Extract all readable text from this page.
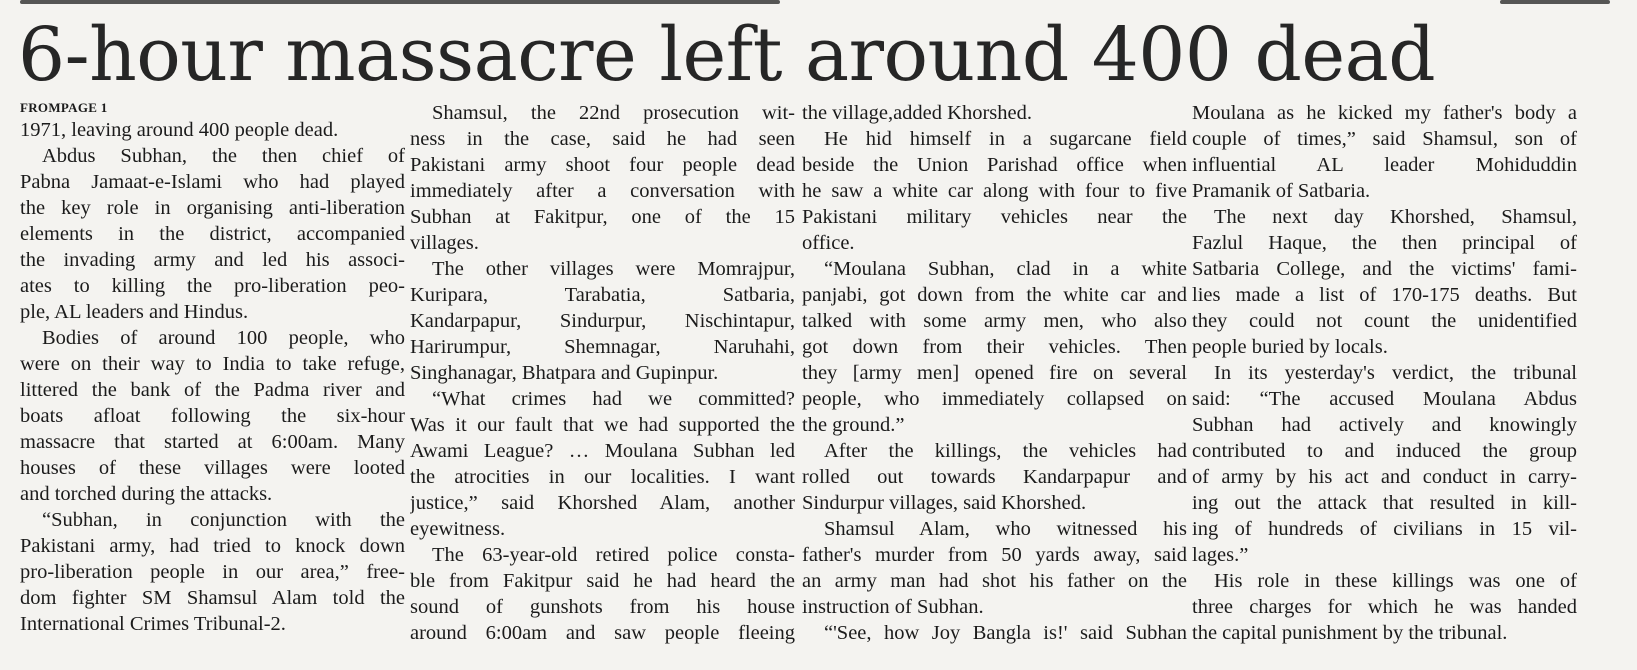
6-hour massacre left around 400 dead
FROMPAGE 1
1971, leaving around 400 people dead.
Abdus Subhan, the then chief of
Pabna Jamaat-e-Islami who had played
the key role in organising anti-liberation
elements in the district, accompanied
the invading army and led his associ-
ates to killing the pro-liberation peo-
ple, AL leaders and Hindus.
Bodies of around 100 people, who
were on their way to India to take refuge,
littered the bank of the Padma river and
boats afloat following the six-hour
massacre that started at 6:00am. Many
houses of these villages were looted
and torched during the attacks.
“Subhan, in conjunction with the
Pakistani army, had tried to knock down
pro-liberation people in our area,” free-
dom fighter SM Shamsul Alam told the
International Crimes Tribunal-2.
Shamsul, the 22nd prosecution wit-
ness in the case, said he had seen
Pakistani army shoot four people dead
immediately after a conversation with
Subhan at Fakitpur, one of the 15
villages.
The other villages were Momrajpur,
Kuripara, Tarabatia, Satbaria,
Kandarpapur, Sindurpur, Nischintapur,
Harirumpur, Shemnagar, Naruhahi,
Singhanagar, Bhatpara and Gupinpur.
“What crimes had we committed?
Was it our fault that we had supported the
Awami League? … Moulana Subhan led
the atrocities in our localities. I want
justice,” said Khorshed Alam, another
eyewitness.
The 63-year-old retired police consta-
ble from Fakitpur said he had heard the
sound of gunshots from his house
around 6:00am and saw people fleeing
the village,added Khorshed.
He hid himself in a sugarcane field
beside the Union Parishad office when
he saw a white car along with four to five
Pakistani military vehicles near the
office.
“Moulana Subhan, clad in a white
panjabi, got down from the white car and
talked with some army men, who also
got down from their vehicles. Then
they [army men] opened fire on several
people, who immediately collapsed on
the ground.”
After the killings, the vehicles had
rolled out towards Kandarpapur and
Sindurpur villages, said Khorshed.
Shamsul Alam, who witnessed his
father's murder from 50 yards away, said
an army man had shot his father on the
instruction of Subhan.
“'See, how Joy Bangla is!' said Subhan
Moulana as he kicked my father's body a
couple of times,” said Shamsul, son of
influential AL leader Mohiduddin
Pramanik of Satbaria.
The next day Khorshed, Shamsul,
Fazlul Haque, the then principal of
Satbaria College, and the victims' fami-
lies made a list of 170-175 deaths. But
they could not count the unidentified
people buried by locals.
In its yesterday's verdict, the tribunal
said: “The accused Moulana Abdus
Subhan had actively and knowingly
contributed to and induced the group
of army by his act and conduct in carry-
ing out the attack that resulted in kill-
ing of hundreds of civilians in 15 vil-
lages.”
His role in these killings was one of
three charges for which he was handed
the capital punishment by the tribunal.
